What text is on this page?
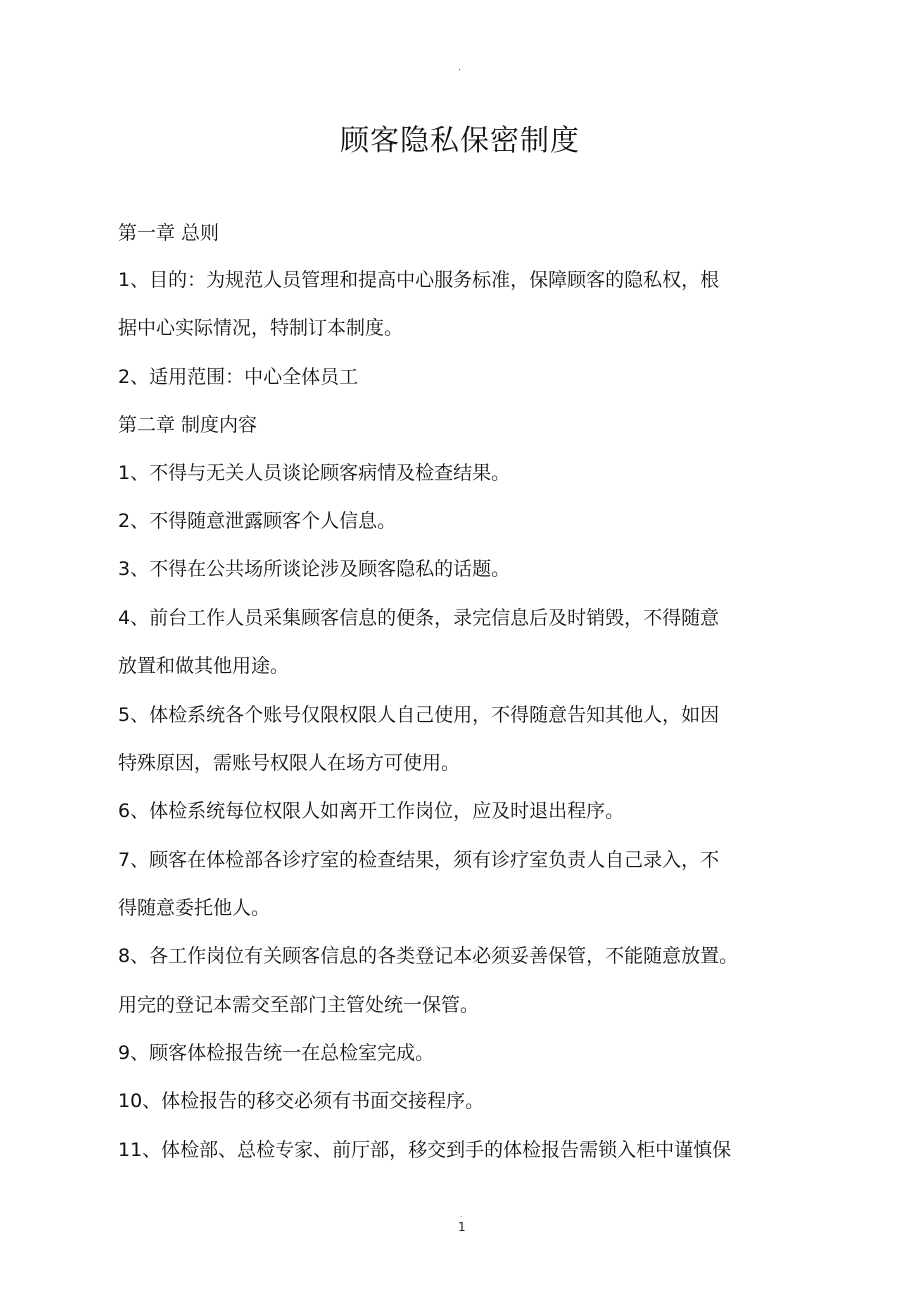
.
顾客隐私保密制度
第一章 总则
1、目的：为规范人员管理和提高中心服务标准，保障顾客的隐私权，根
据中心实际情况，特制订本制度。
2、适用范围：中心全体员工
第二章 制度内容
1、不得与无关人员谈论顾客病情及检查结果。
2、不得随意泄露顾客个人信息。
3、不得在公共场所谈论涉及顾客隐私的话题。
4、前台工作人员采集顾客信息的便条，录完信息后及时销毁，不得随意
放置和做其他用途。
5、体检系统各个账号仅限权限人自己使用，不得随意告知其他人，如因
特殊原因，需账号权限人在场方可使用。
6、体检系统每位权限人如离开工作岗位，应及时退出程序。
7、顾客在体检部各诊疗室的检查结果，须有诊疗室负责人自己录入，不
得随意委托他人。
8、各工作岗位有关顾客信息的各类登记本必须妥善保管，不能随意放置。
用完的登记本需交至部门主管处统一保管。
9、顾客体检报告统一在总检室完成。
10、体检报告的移交必须有书面交接程序。
11、体检部、总检专家、前厅部，移交到手的体检报告需锁入柜中谨慎保
.
1
